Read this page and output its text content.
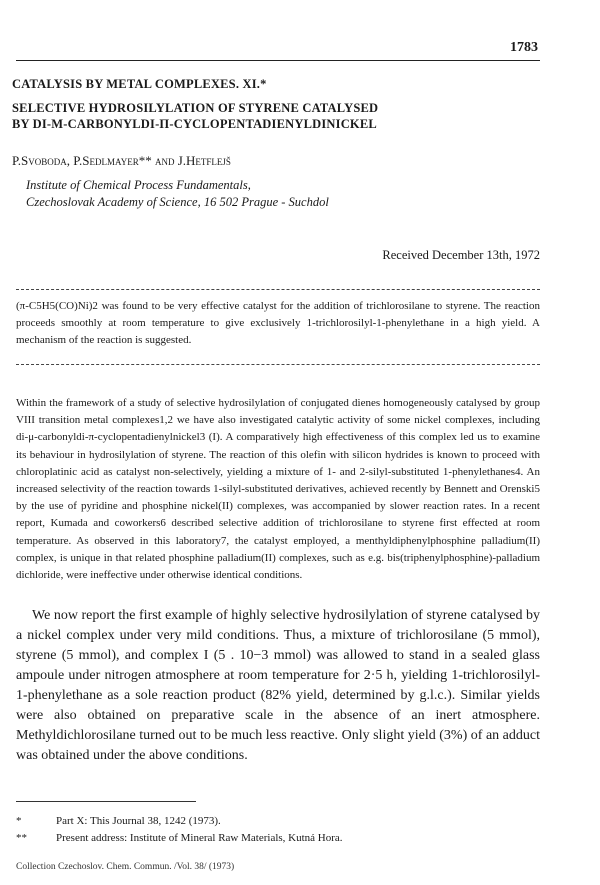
1783
CATALYSIS BY METAL COMPLEXES. XI.*
SELECTIVE HYDROSILYLATION OF STYRENE CATALYSED
BY DI-Μ-CARBONYLDI-Π-CYCLOPENTADIENYLDINICKEL
P.Svoboda, P.Sedlmayer** and J.Hetflejš
Institute of Chemical Process Fundamentals,
Czechoslovak Academy of Science, 16 502 Prague - Suchdol
Received December 13th, 1972
(π-C5H5(CO)Ni)2 was found to be very effective catalyst for the addition of trichlorosilane to styrene. The reaction proceeds smoothly at room temperature to give exclusively 1-trichlorosilyl-1-phenylethane in a high yield. A mechanism of the reaction is suggested.
Within the framework of a study of selective hydrosilylation of conjugated dienes homogeneously catalysed by group VIII transition metal complexes1,2 we have also investigated catalytic activity of some nickel complexes, including di-μ-carbonyldi-π-cyclopentadienylnickel3 (I). A comparatively high effectiveness of this complex led us to examine its behaviour in hydrosilylation of styrene. The reaction of this olefin with silicon hydrides is known to proceed with chloroplatinic acid as catalyst non-selectively, yielding a mixture of 1- and 2-silyl-substituted 1-phenylethanes4. An increased selectivity of the reaction towards 1-silyl-substituted derivatives, achieved recently by Bennett and Orenski5 by the use of pyridine and phosphine nickel(II) complexes, was accompanied by slower reaction rates. In a recent report, Kumada and coworkers6 described selective addition of trichlorosilane to styrene first effected at room temperature. As observed in this laboratory7, the catalyst employed, a menthyldiphenylphosphine palladium(II) complex, is unique in that related phosphine palladium(II) complexes, such as e.g. bis(triphenylphosphine)-palladium dichloride, were ineffective under otherwise identical conditions.
We now report the first example of highly selective hydrosilylation of styrene catalysed by a nickel complex under very mild conditions. Thus, a mixture of trichlorosilane (5 mmol), styrene (5 mmol), and complex I (5 . 10−3 mmol) was allowed to stand in a sealed glass ampoule under nitrogen atmosphere at room temperature for 2·5 h, yielding 1-trichlorosilyl-1-phenylethane as a sole reaction product (82% yield, determined by g.l.c.). Similar yields were also obtained on preparative scale in the absence of an inert atmosphere. Methyldichlorosilane turned out to be much less reactive. Only slight yield (3%) of an adduct was obtained under the above conditions.
*	Part X: This Journal 38, 1242 (1973).
**	Present address: Institute of Mineral Raw Materials, Kutná Hora.
Collection Czechoslov. Chem. Commun. /Vol. 38/ (1973)
